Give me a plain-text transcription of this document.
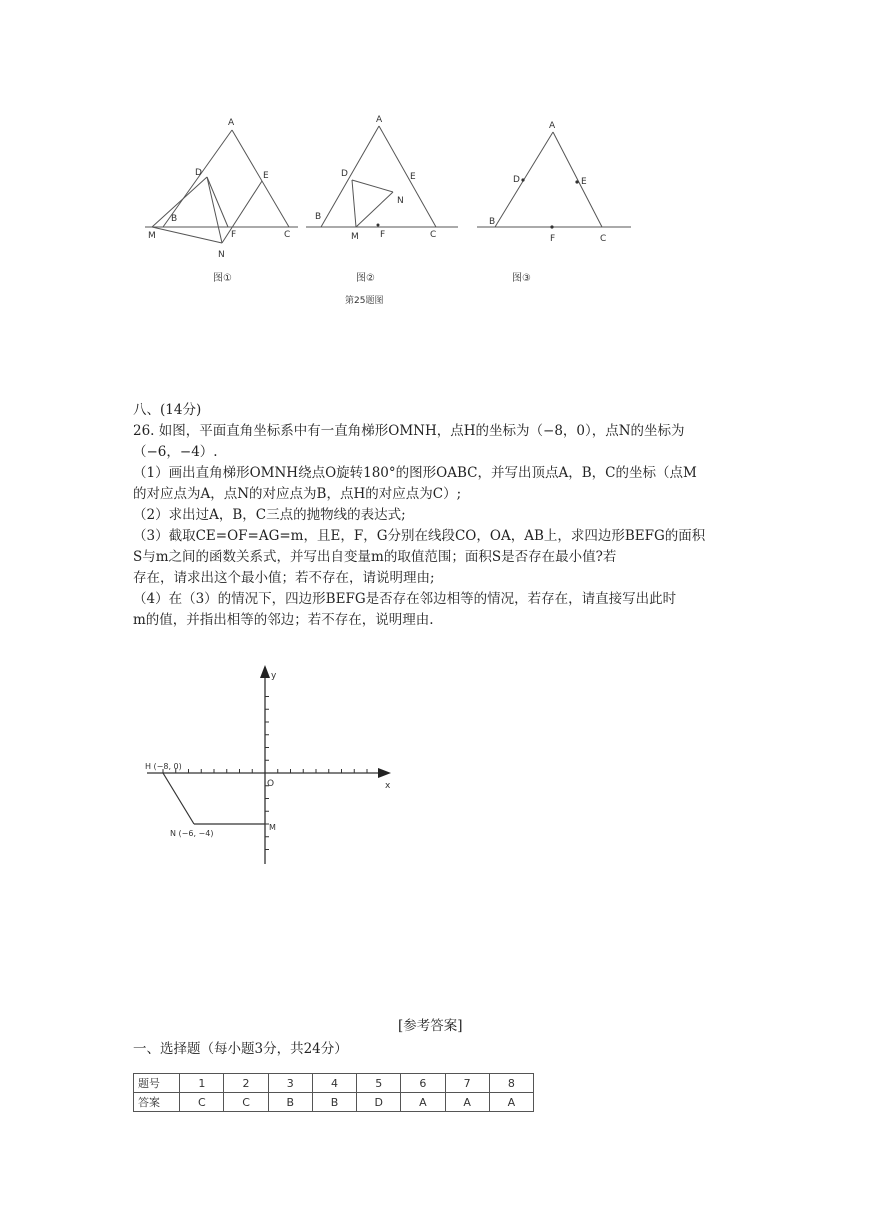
A
D	E
B
M	F	C
N
A
D	E
N
B
M F	C
A
D	E
B
F	C
图①	图②	图③
第25题图
八、(14分)
26. 如图，平面直角坐标系中有一直角梯形OMNH，点H的坐标为（−8，0），点N的坐标为
（−6，−4）.
（1）画出直角梯形OMNH绕点O旋转180°的图形OABC，并写出顶点A，B，C的坐标（点M
的对应点为A，点N的对应点为B，点H的对应点为C）;
（2）求出过A，B，C三点的抛物线的表达式;
（3）截取CE=OF=AG=m，且E，F，G分别在线段CO，OA，AB上，求四边形BEFG的面积
S与m之间的函数关系式，并写出自变量m的取值范围；面积S是否存在最小值?若
存在，请求出这个最小值；若不存在，请说明理由;
（4）在（3）的情况下，四边形BEFG是否存在邻边相等的情况，若存在，请直接写出此时
m的值，并指出相等的邻边；若不存在，说明理由.
y
x
O
H (−8, 0)
N (−6, −4)
M
[参考答案]
一、选择题（每小题3分，共24分）
题号	1	2	3	4	5	6	7	8
答案	C	C	B	B	D	A	A	A
